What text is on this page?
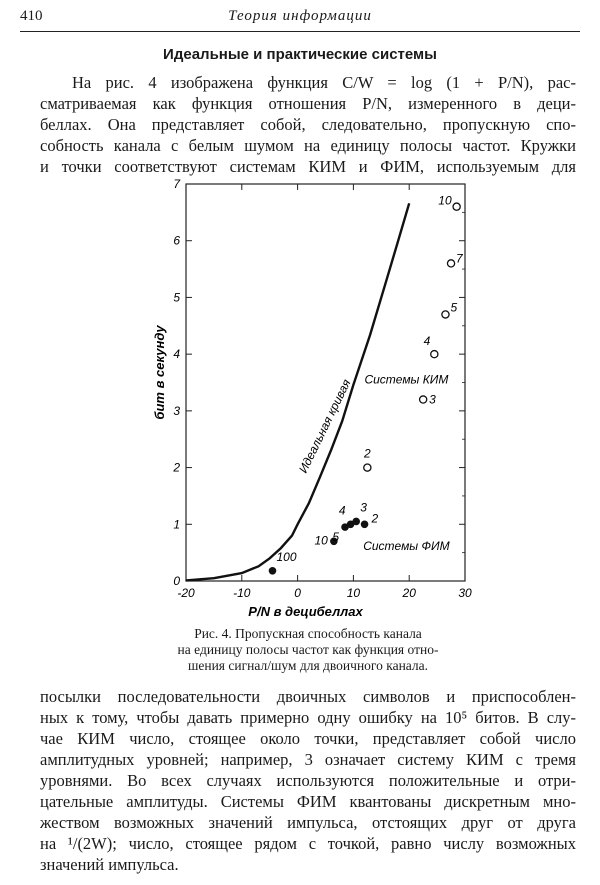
410	Теория информации
Идеальные и практические системы
На рис. 4 изображена функция C/W = log (1 + P/N), рас-
сматриваемая как функция отношения P/N, измеренного в деци-
беллах. Она представляет собой, следовательно, пропускную спо-
собность канала с белым шумом на единицу полосы частот. Кружки
и точки соответствуют системам КИМ и ФИМ, используемым для
-20	-10	0	10	20	30
0
1
2
3
4
5
6
7
P/N в децибеллах
бит в секунду
Идеальная кривая 2
3
4
5
7
10
2
3
4
5
10
100
Системы КИМ
Системы ФИМ
Рис. 4. Пропускная способность канала
на единицу полосы частот как функция отно-
шения сигнал/шум для двоичного канала.
посылки последовательности двоичных символов и приспособлен-
ных к тому, чтобы давать примерно одну ошибку на 10⁵ битов. В слу-
чае КИМ число, стоящее около точки, представляет собой число
амплитудных уровней; например, 3 означает систему КИМ с тремя
уровнями. Во всех случаях используются положительные и отри-
цательные амплитуды. Системы ФИМ квантованы дискретным мно-
жеством возможных значений импульса, отстоящих друг от друга
на ¹/(2W); число, стоящее рядом с точкой, равно числу возможных
значений импульса.
